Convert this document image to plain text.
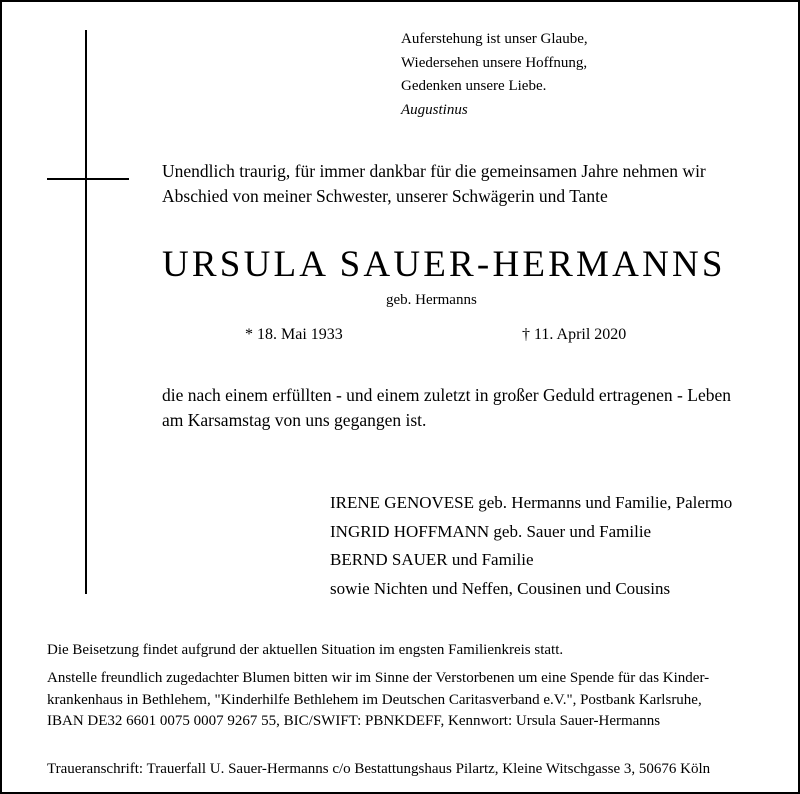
Auferstehung ist unser Glaube,
Wiedersehen unsere Hoffnung,
Gedenken unsere Liebe.
Augustinus
Unendlich traurig, für immer dankbar für die gemeinsamen Jahre nehmen wir
Abschied von meiner Schwester, unserer Schwägerin und Tante
URSULA SAUER-HERMANNS
geb. Hermanns
* 18. Mai 1933	† 11. April 2020
die nach einem erfüllten - und einem zuletzt in großer Geduld ertragenen - Leben
am Karsamstag von uns gegangen ist.
IRENE GENOVESE geb. Hermanns und Familie, Palermo
INGRID HOFFMANN geb. Sauer und Familie
BERND SAUER und Familie
sowie Nichten und Neffen, Cousinen und Cousins
Die Beisetzung findet aufgrund der aktuellen Situation im engsten Familienkreis statt.
Anstelle freundlich zugedachter Blumen bitten wir im Sinne der Verstorbenen um eine Spende für das Kinder-
krankenhaus in Bethlehem, "Kinderhilfe Bethlehem im Deutschen Caritasverband e.V.", Postbank Karlsruhe,
IBAN DE32 6601 0075 0007 9267 55, BIC/SWIFT: PBNKDEFF, Kennwort: Ursula Sauer-Hermanns
Traueranschrift: Trauerfall U. Sauer-Hermanns c/o Bestattungshaus Pilartz, Kleine Witschgasse 3, 50676 Köln
